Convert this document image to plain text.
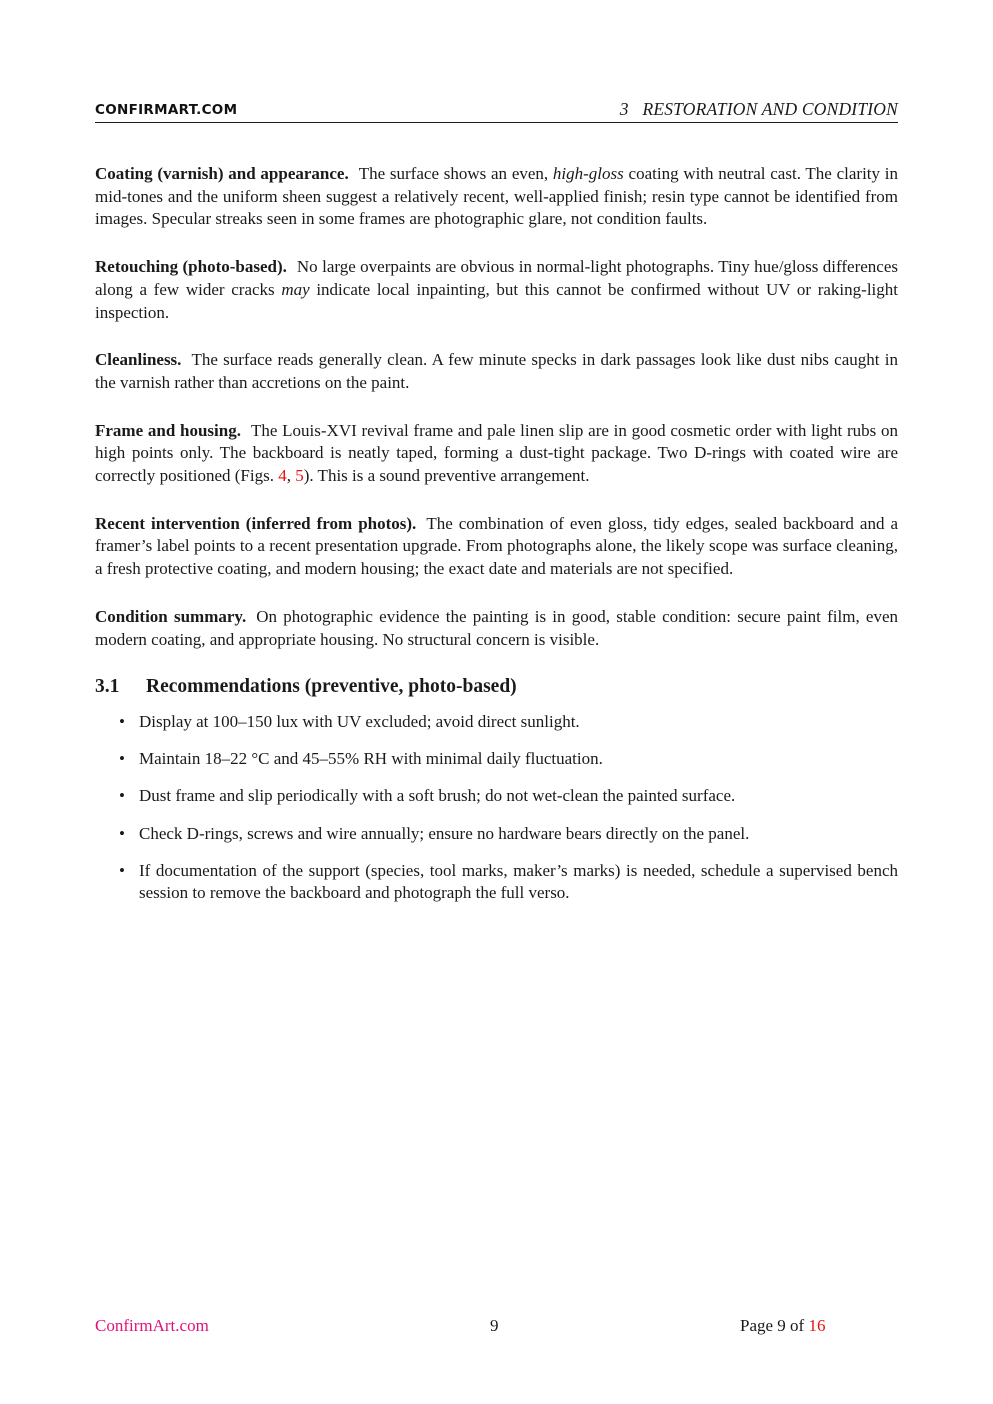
CONFIRMART.COM	3   RESTORATION AND CONDITION

Coating (varnish) and appearance. The surface shows an even, high-gloss coating with neutral cast. The clarity in mid-tones and the uniform sheen suggest a relatively recent, well-applied finish; resin type cannot be identified from images. Specular streaks seen in some frames are photographic glare, not condition faults.

Retouching (photo-based). No large overpaints are obvious in normal-light photographs. Tiny hue/gloss differences along a few wider cracks may indicate local inpainting, but this cannot be confirmed without UV or raking-light inspection.

Cleanliness. The surface reads generally clean. A few minute specks in dark passages look like dust nibs caught in the varnish rather than accretions on the paint.

Frame and housing. The Louis-XVI revival frame and pale linen slip are in good cosmetic order with light rubs on high points only. The backboard is neatly taped, forming a dust-tight package. Two D-rings with coated wire are correctly positioned (Figs. 4, 5). This is a sound preventive arrangement.

Recent intervention (inferred from photos). The combination of even gloss, tidy edges, sealed backboard and a framer’s label points to a recent presentation upgrade. From photographs alone, the likely scope was surface cleaning, a fresh protective coating, and modern housing; the exact date and materials are not specified.

Condition summary. On photographic evidence the painting is in good, stable condition: secure paint film, even modern coating, and appropriate housing. No structural concern is visible.

3.1 Recommendations (preventive, photo-based)
• Display at 100–150 lux with UV excluded; avoid direct sunlight.
• Maintain 18–22 °C and 45–55% RH with minimal daily fluctuation.
• Dust frame and slip periodically with a soft brush; do not wet-clean the painted surface.
• Check D-rings, screws and wire annually; ensure no hardware bears directly on the panel.
• If documentation of the support (species, tool marks, maker’s marks) is needed, schedule a supervised bench session to remove the backboard and photograph the full verso.
ConfirmArt.com	9	Page 9 of 16
